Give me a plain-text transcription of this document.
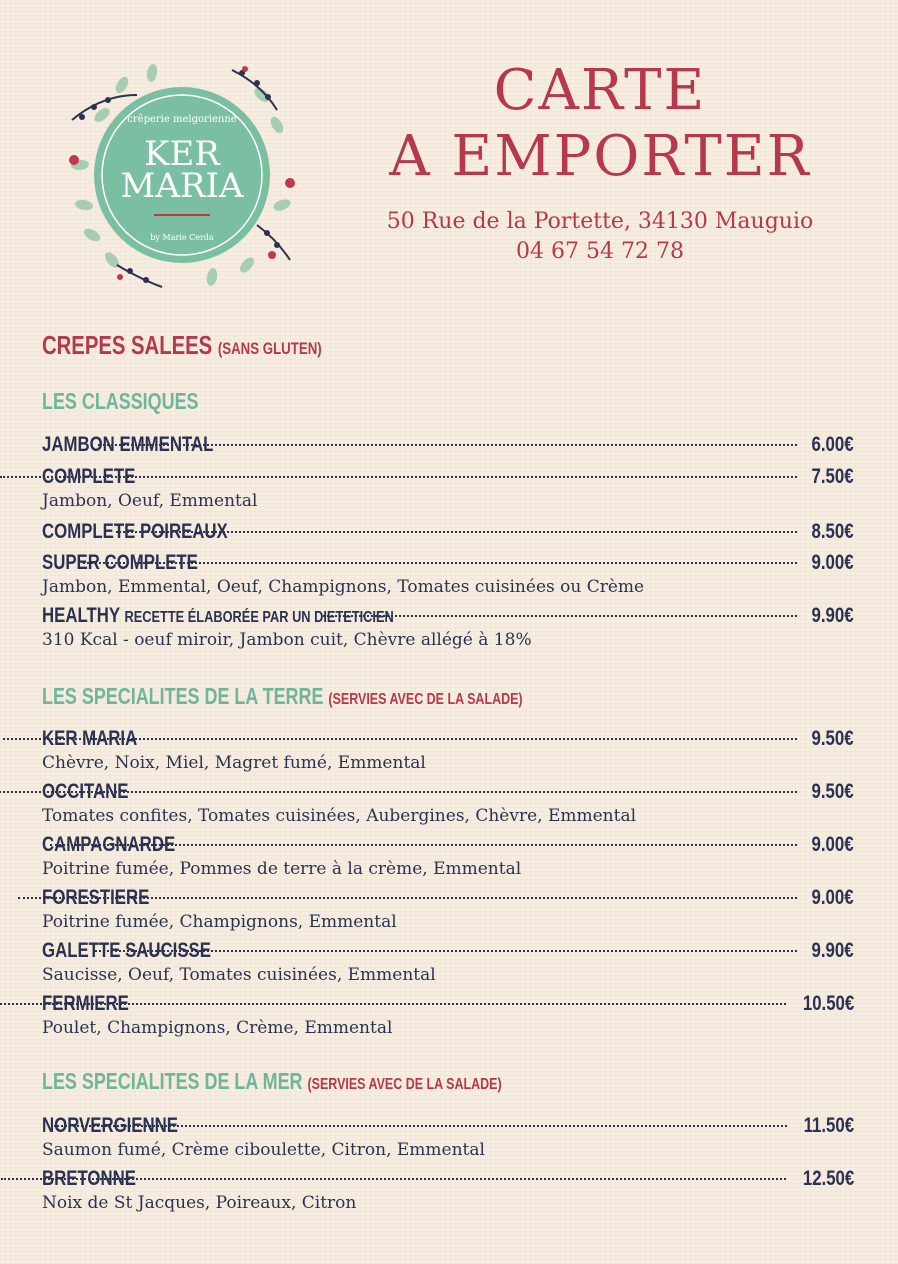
crêperie melgorienne
KER
MARIA
by Marie Cerda
CARTE
A EMPORTER
50 Rue de la Portette, 34130 Mauguio
04 67 54 72 78
CREPES SALEES (SANS GLUTEN)
LES CLASSIQUES
JAMBON EMMENTAL	6.00€
COMPLETE	7.50€
Jambon, Oeuf, Emmental
COMPLETE POIREAUX	8.50€
SUPER COMPLETE	9.00€
Jambon, Emmental, Oeuf, Champignons, Tomates cuisinées ou Crème
HEALTHY RECETTE ÉLABORÉE PAR UN DIETETICIEN	9.90€
310 Kcal - oeuf miroir, Jambon cuit, Chèvre allégé à 18%
LES SPECIALITES DE LA TERRE (SERVIES AVEC DE LA SALADE)
KER MARIA	9.50€
Chèvre, Noix, Miel, Magret fumé, Emmental
OCCITANE	9.50€
Tomates confites, Tomates cuisinées, Aubergines, Chèvre, Emmental
CAMPAGNARDE	9.00€
Poitrine fumée, Pommes de terre à la crème, Emmental
FORESTIERE	9.00€
Poitrine fumée, Champignons, Emmental
GALETTE SAUCISSE	9.90€
Saucisse, Oeuf, Tomates cuisinées, Emmental
FERMIERE	10.50€
Poulet, Champignons, Crème, Emmental
LES SPECIALITES DE LA MER (SERVIES AVEC DE LA SALADE)
NORVERGIENNE	11.50€
Saumon fumé, Crème ciboulette, Citron, Emmental
BRETONNE	12.50€
Noix de St Jacques, Poireaux, Citron
